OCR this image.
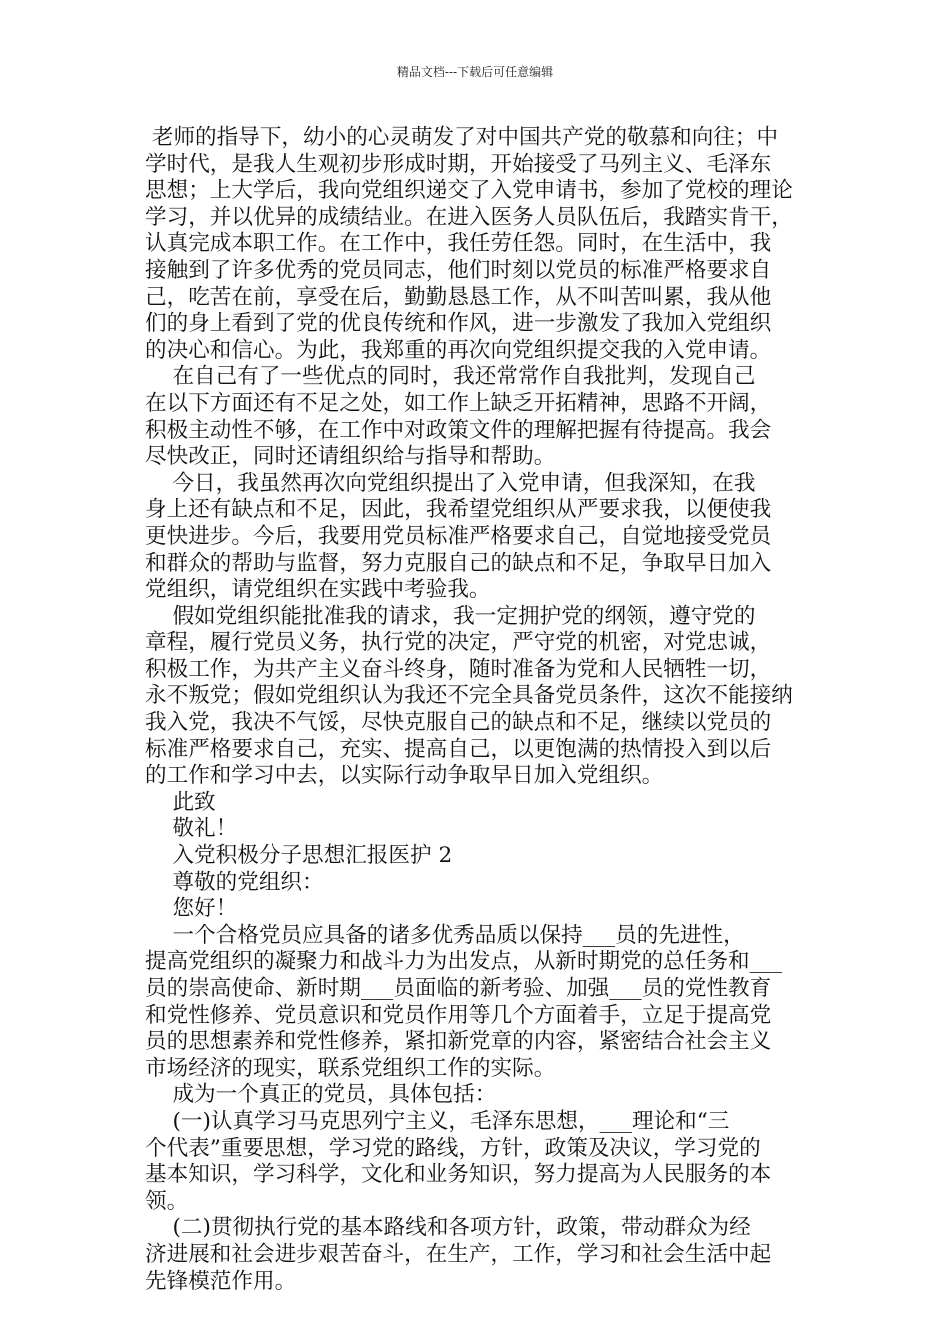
精品文档---下载后可任意编辑
老师的指导下，幼小的心灵萌发了对中国共产党的敬慕和向往；中
学时代，是我人生观初步形成时期，开始接受了马列主义、毛泽东
思想；上大学后，我向党组织递交了入党申请书，参加了党校的理论
学习，并以优异的成绩结业。在进入医务人员队伍后，我踏实肯干，
认真完成本职工作。在工作中，我任劳任怨。同时，在生活中，我
接触到了许多优秀的党员同志，他们时刻以党员的标准严格要求自
己，吃苦在前，享受在后，勤勤恳恳工作，从不叫苦叫累，我从他
们的身上看到了党的优良传统和作风，进一步激发了我加入党组织
的决心和信心。为此，我郑重的再次向党组织提交我的入党申请。
在自己有了一些优点的同时，我还常常作自我批判，发现自己
在以下方面还有不足之处，如工作上缺乏开拓精神，思路不开阔，
积极主动性不够，在工作中对政策文件的理解把握有待提高。我会
尽快改正，同时还请组织给与指导和帮助。
今日，我虽然再次向党组织提出了入党申请，但我深知，在我
身上还有缺点和不足，因此，我希望党组织从严要求我，以便使我
更快进步。今后，我要用党员标准严格要求自己，自觉地接受党员
和群众的帮助与监督，努力克服自己的缺点和不足，争取早日加入
党组织，请党组织在实践中考验我。
假如党组织能批准我的请求，我一定拥护党的纲领，遵守党的
章程，履行党员义务，执行党的决定，严守党的机密，对党忠诚，
积极工作，为共产主义奋斗终身，随时准备为党和人民牺牲一切，
永不叛党；假如党组织认为我还不完全具备党员条件，这次不能接纳
我入党，我决不气馁，尽快克服自己的缺点和不足，继续以党员的
标准严格要求自己，充实、提高自己，以更饱满的热情投入到以后
的工作和学习中去，以实际行动争取早日加入党组织。
此致
敬礼！
入党积极分子思想汇报医护 2
尊敬的党组织：
您好！
一个合格党员应具备的诸多优秀品质以保持___员的先进性，
提高党组织的凝聚力和战斗力为出发点，从新时期党的总任务和___
员的崇高使命、新时期___员面临的新考验、加强___员的党性教育
和党性修养、党员意识和党员作用等几个方面着手，立足于提高党
员的思想素养和党性修养，紧扣新党章的内容，紧密结合社会主义
市场经济的现实，联系党组织工作的实际。
成为一个真正的党员，具体包括：
(一)认真学习马克思列宁主义，毛泽东思想，___理论和“三
个代表”重要思想，学习党的路线，方针，政策及决议，学习党的
基本知识，学习科学，文化和业务知识，努力提高为人民服务的本
领。
(二)贯彻执行党的基本路线和各项方针，政策，带动群众为经
济进展和社会进步艰苦奋斗，在生产，工作，学习和社会生活中起
先锋模范作用。
